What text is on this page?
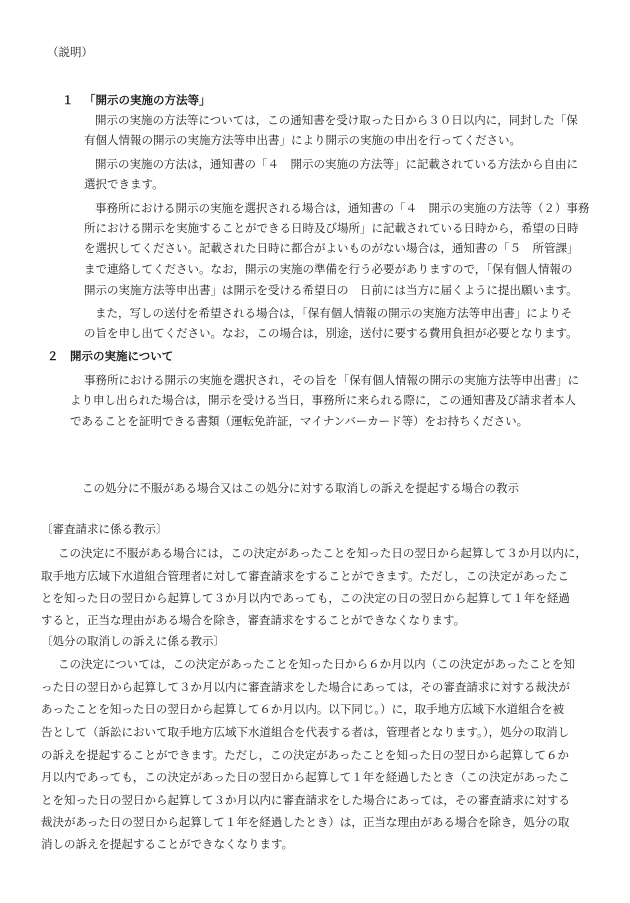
（説明）
１ 「開示の実施の方法等」
開示の実施の方法等については，この通知書を受け取った日から３０日以内に，同封した「保
有個人情報の開示の実施方法等申出書」により開示の実施の申出を行ってください。
開示の実施の方法は，通知書の「４　開示の実施の方法等」に記載されている方法から自由に
選択できます。
事務所における開示の実施を選択される場合は，通知書の「４　開示の実施の方法等（２）事務
所における開示を実施することができる日時及び場所」に記載されている日時から，希望の日時
を選択してください。記載された日時に都合がよいものがない場合は，通知書の「５　所管課」
まで連絡してください。なお，開示の実施の準備を行う必要がありますので，「保有個人情報の
開示の実施方法等申出書」は開示を受ける希望日の　日前には当方に届くように提出願います。
また，写しの送付を希望される場合は，「保有個人情報の開示の実施方法等申出書」によりそ
の旨を申し出てください。なお，この場合は，別途，送付に要する費用負担が必要となります。
２ 開示の実施について
事務所における開示の実施を選択され，その旨を「保有個人情報の開示の実施方法等申出書」に
より申し出られた場合は，開示を受ける当日，事務所に来られる際に，この通知書及び請求者本人
であることを証明できる書類（運転免許証，マイナンバーカード等）をお持ちください。
この処分に不服がある場合又はこの処分に対する取消しの訴えを提起する場合の教示
〔審査請求に係る教示〕
この決定に不服がある場合には，この決定があったことを知った日の翌日から起算して３か月以内に，
取手地方広域下水道組合管理者に対して審査請求をすることができます。ただし，この決定があったこ
とを知った日の翌日から起算して３か月以内であっても，この決定の日の翌日から起算して１年を経過
すると，正当な理由がある場合を除き，審査請求をすることができなくなります。
〔処分の取消しの訴えに係る教示〕
この決定については，この決定があったことを知った日から６か月以内（この決定があったことを知
った日の翌日から起算して３か月以内に審査請求をした場合にあっては，その審査請求に対する裁決が
あったことを知った日の翌日から起算して６か月以内。以下同じ。）に，取手地方広域下水道組合を被
告として（訴訟において取手地方広域下水道組合を代表する者は，管理者となります。），処分の取消し
の訴えを提起することができます。ただし，この決定があったことを知った日の翌日から起算して６か
月以内であっても，この決定があった日の翌日から起算して１年を経過したとき（この決定があったこ
とを知った日の翌日から起算して３か月以内に審査請求をした場合にあっては，その審査請求に対する
裁決があった日の翌日から起算して１年を経過したとき）は，正当な理由がある場合を除き，処分の取
消しの訴えを提起することができなくなります。
